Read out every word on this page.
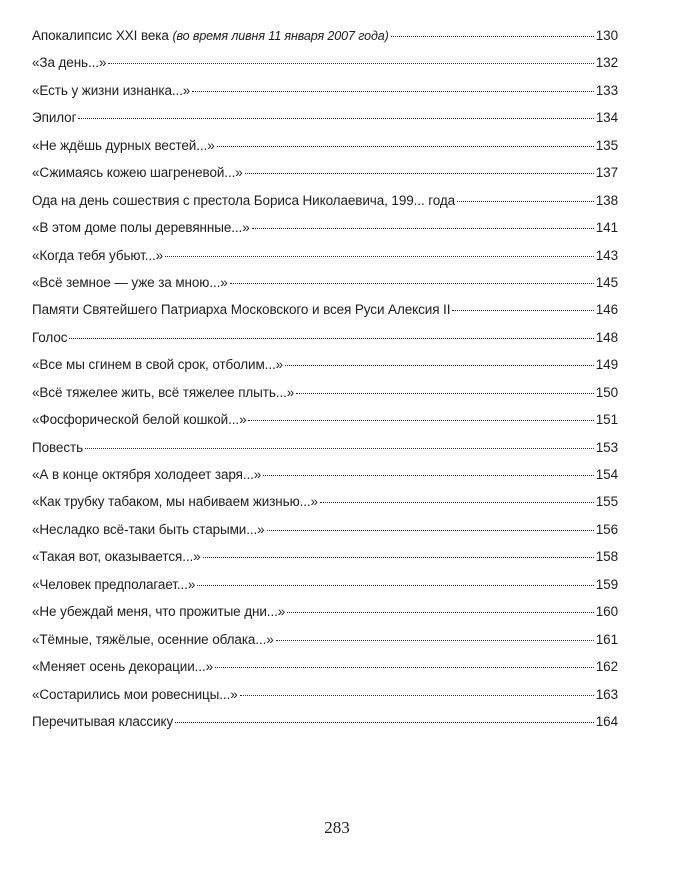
Апокалипсис XXI века (во время ливня 11 января 2007 года)	130
«За день...»	132
«Есть у жизни изнанка...»	133
Эпилог	134
«Не ждёшь дурных вестей...»	135
«Сжимаясь кожею шагреневой...»	137
Ода на день сошествия с престола Бориса Николаевича, 199... года	138
«В этом доме полы деревянные...»	141
«Когда тебя убьют...»	143
«Всё земное — уже за мною...»	145
Памяти Святейшего Патриарха Московского и всея Руси Алексия II	146
Голос	148
«Все мы сгинем в свой срок, отболим...»	149
«Всё тяжелее жить, всё тяжелее плыть...»	150
«Фосфорической белой кошкой...»	151
Повесть	153
«А в конце октября холодеет заря...»	154
«Как трубку табаком, мы набиваем жизнью...»	155
«Несладко всё-таки быть старыми...»	156
«Такая вот, оказывается...»	158
«Человек предполагает...»	159
«Не убеждай меня, что прожитые дни...»	160
«Тёмные, тяжёлые, осенние облака...»	161
«Меняет осень декорации...»	162
«Состарились мои ровесницы...»	163
Перечитывая классику	164
283
